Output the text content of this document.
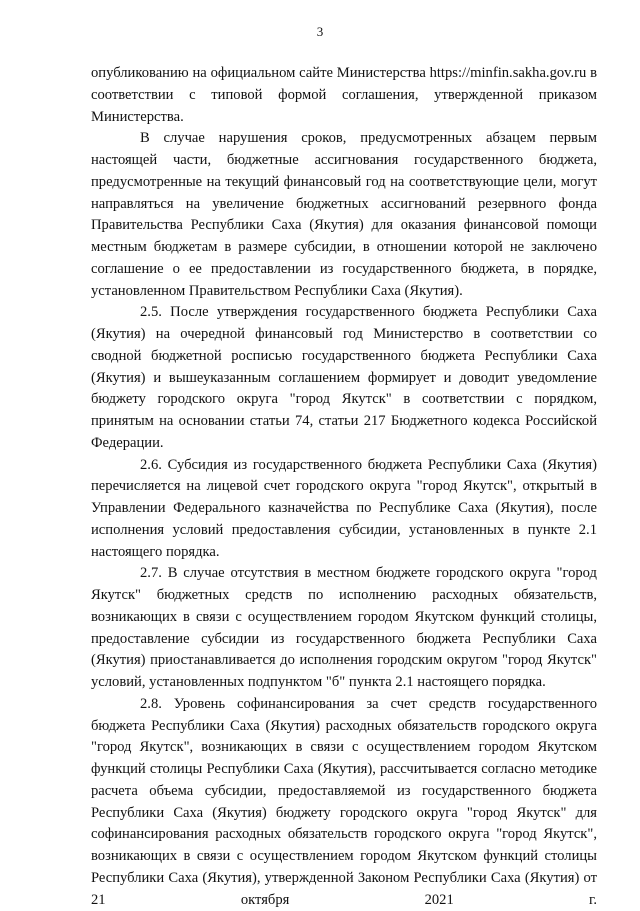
3

опубликованию на официальном сайте Министерства https://minfin.sakha.gov.ru в соответствии с типовой формой соглашения, утвержденной приказом Министерства.

В случае нарушения сроков, предусмотренных абзацем первым настоящей части, бюджетные ассигнования государственного бюджета, предусмотренные на текущий финансовый год на соответствующие цели, могут направляться на увеличение бюджетных ассигнований резервного фонда Правительства Республики Саха (Якутия) для оказания финансовой помощи местным бюджетам в размере субсидии, в отношении которой не заключено соглашение о ее предоставлении из государственного бюджета, в порядке, установленном Правительством Республики Саха (Якутия).

2.5. После утверждения государственного бюджета Республики Саха (Якутия) на очередной финансовый год Министерство в соответствии со сводной бюджетной росписью государственного бюджета Республики Саха (Якутия) и вышеуказанным соглашением формирует и доводит уведомление бюджету городского округа "город Якутск" в соответствии с порядком, принятым на основании статьи 74, статьи 217 Бюджетного кодекса Российской Федерации.

2.6. Субсидия из государственного бюджета Республики Саха (Якутия) перечисляется на лицевой счет городского округа "город Якутск", открытый в Управлении Федерального казначейства по Республике Саха (Якутия), после исполнения условий предоставления субсидии, установленных в пункте 2.1 настоящего порядка.

2.7. В случае отсутствия в местном бюджете городского округа "город Якутск" бюджетных средств по исполнению расходных обязательств, возникающих в связи с осуществлением городом Якутском функций столицы, предоставление субсидии из государственного бюджета Республики Саха (Якутия) приостанавливается до исполнения городским округом "город Якутск" условий, установленных подпунктом "б" пункта 2.1 настоящего порядка.

2.8. Уровень софинансирования за счет средств государственного бюджета Республики Саха (Якутия) расходных обязательств городского округа "город Якутск", возникающих в связи с осуществлением городом Якутском функций столицы Республики Саха (Якутия), рассчитывается согласно методике расчета объема субсидии, предоставляемой из государственного бюджета Республики Саха (Якутия) бюджету городского округа "город Якутск" для софинансирования расходных обязательств городского округа "город Якутск", возникающих в связи с осуществлением городом Якутском функций столицы Республики Саха (Якутия), утвержденной Законом Республики Саха (Якутия) от 21 октября 2021 г.
